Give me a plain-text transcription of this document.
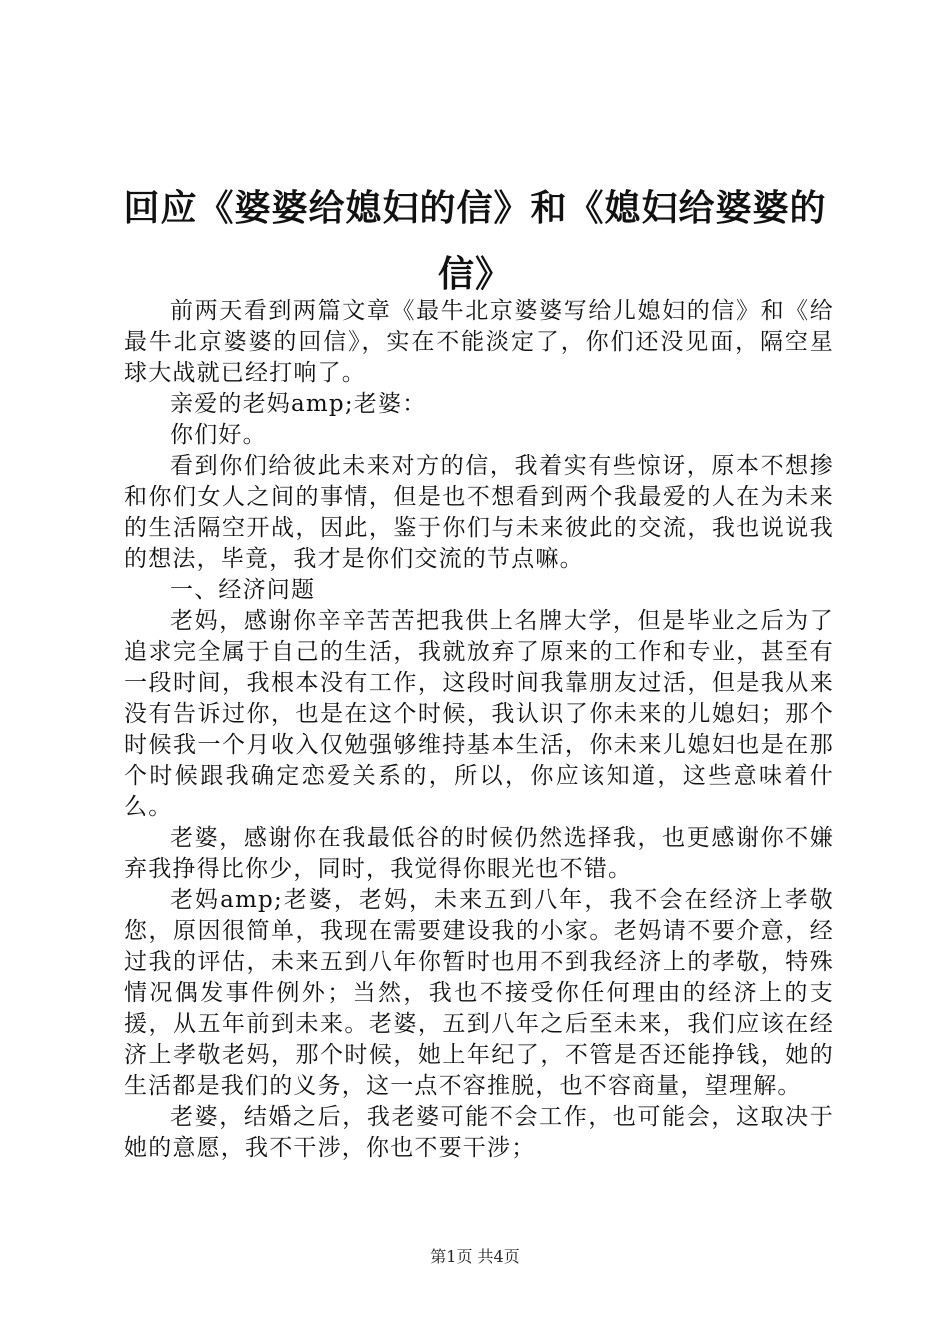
回应《婆婆给媳妇的信》和《媳妇给婆婆的
信》

前两天看到两篇文章《最牛北京婆婆写给儿媳妇的信》和《给最牛北京婆婆的回信》，实在不能淡定了，你们还没见面，隔空星球大战就已经打响了。

亲爱的老妈amp;老婆：

你们好。

看到你们给彼此未来对方的信，我着实有些惊讶，原本不想掺和你们女人之间的事情，但是也不想看到两个我最爱的人在为未来的生活隔空开战，因此，鉴于你们与未来彼此的交流，我也说说我的想法，毕竟，我才是你们交流的节点嘛。

一、经济问题

老妈，感谢你辛辛苦苦把我供上名牌大学，但是毕业之后为了追求完全属于自己的生活，我就放弃了原来的工作和专业，甚至有一段时间，我根本没有工作，这段时间我靠朋友过活，但是我从来没有告诉过你，也是在这个时候，我认识了你未来的儿媳妇；那个时候我一个月收入仅勉强够维持基本生活，你未来儿媳妇也是在那个时候跟我确定恋爱关系的，所以，你应该知道，这些意味着什么。

老婆，感谢你在我最低谷的时候仍然选择我，也更感谢你不嫌弃我挣得比你少，同时，我觉得你眼光也不错。

老妈amp;老婆，老妈，未来五到八年，我不会在经济上孝敬您，原因很简单，我现在需要建设我的小家。老妈请不要介意，经过我的评估，未来五到八年你暂时也用不到我经济上的孝敬，特殊情况偶发事件例外；当然，我也不接受你任何理由的经济上的支援，从五年前到未来。老婆，五到八年之后至未来，我们应该在经济上孝敬老妈，那个时候，她上年纪了，不管是否还能挣钱，她的生活都是我们的义务，这一点不容推脱，也不容商量，望理解。

老婆，结婚之后，我老婆可能不会工作，也可能会，这取决于她的意愿，我不干涉，你也不要干涉；

第1页 共4页
